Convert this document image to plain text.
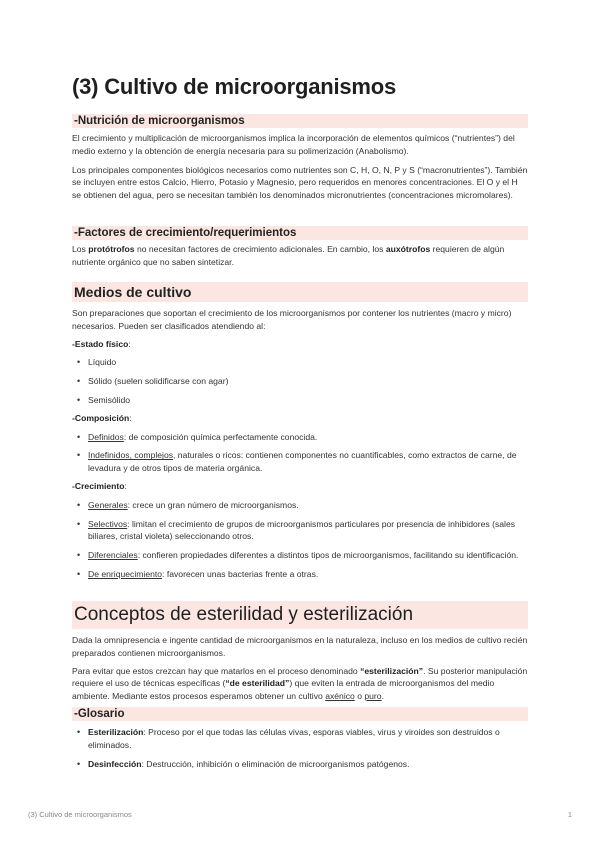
(3) Cultivo de microorganismos
-Nutrición de microorganismos

El crecimiento y multiplicación de microorganismos implica la incorporación de elementos químicos (“nutrientes”) del medio externo y la obtención de energía necesaria para su polimerización (Anabolismo).

Los principales componentes biológicos necesarios como nutrientes son C, H, O, N, P y S (“macronutrientes”). También se incluyen entre estos Calcio, Hierro, Potasio y Magnesio, pero requeridos en menores concentraciones. El O y el H se obtienen del agua, pero se necesitan también los denominados micronutrientes (concentraciones micromolares).

-Factores de crecimiento/requerimientos

Los protótrofos no necesitan factores de crecimiento adicionales. En cambio, los auxótrofos requieren de algún nutriente orgánico que no saben sintetizar.

Medios de cultivo

Son preparaciones que soportan el crecimiento de los microorganismos por contener los nutrientes (macro y micro) necesarios. Pueden ser clasificados atendiendo al:

-Estado físico:

• Líquido
• Sólido (suelen solidificarse con agar)
• Semisólido

-Composición:

• Definidos: de composición química perfectamente conocida.
• Indefinidos, complejos, naturales o ricos: contienen componentes no cuantificables, como extractos de carne, de levadura y de otros tipos de materia orgánica.

-Crecimiento:

• Generales: crece un gran número de microorganismos.
• Selectivos: limitan el crecimiento de grupos de microorganismos particulares por presencia de inhibidores (sales biliares, cristal violeta) seleccionando otros.
• Diferenciales: confieren propiedades diferentes a distintos tipos de microorganismos, facilitando su identificación.
• De enriquecimiento: favorecen unas bacterias frente a otras.
Conceptos de esterilidad y esterilización

Dada la omnipresencia e ingente cantidad de microorganismos en la naturaleza, incluso en los medios de cultivo recién preparados contienen microorganismos.

Para evitar que estos crezcan hay que matarlos en el proceso denominado “esterilización”. Su posterior manipulación requiere el uso de técnicas específicas (“de esterilidad”) que eviten la entrada de microorganismos del medio ambiente. Mediante estos procesos esperamos obtener un cultivo axénico o puro.

-Glosario
• Esterilización: Proceso por el que todas las células vivas, esporas viables, virus y viroides son destruidos o eliminados.
• Desinfección: Destrucción, inhibición o eliminación de microorganismos patógenos.
(3) Cultivo de microorganismos	1
